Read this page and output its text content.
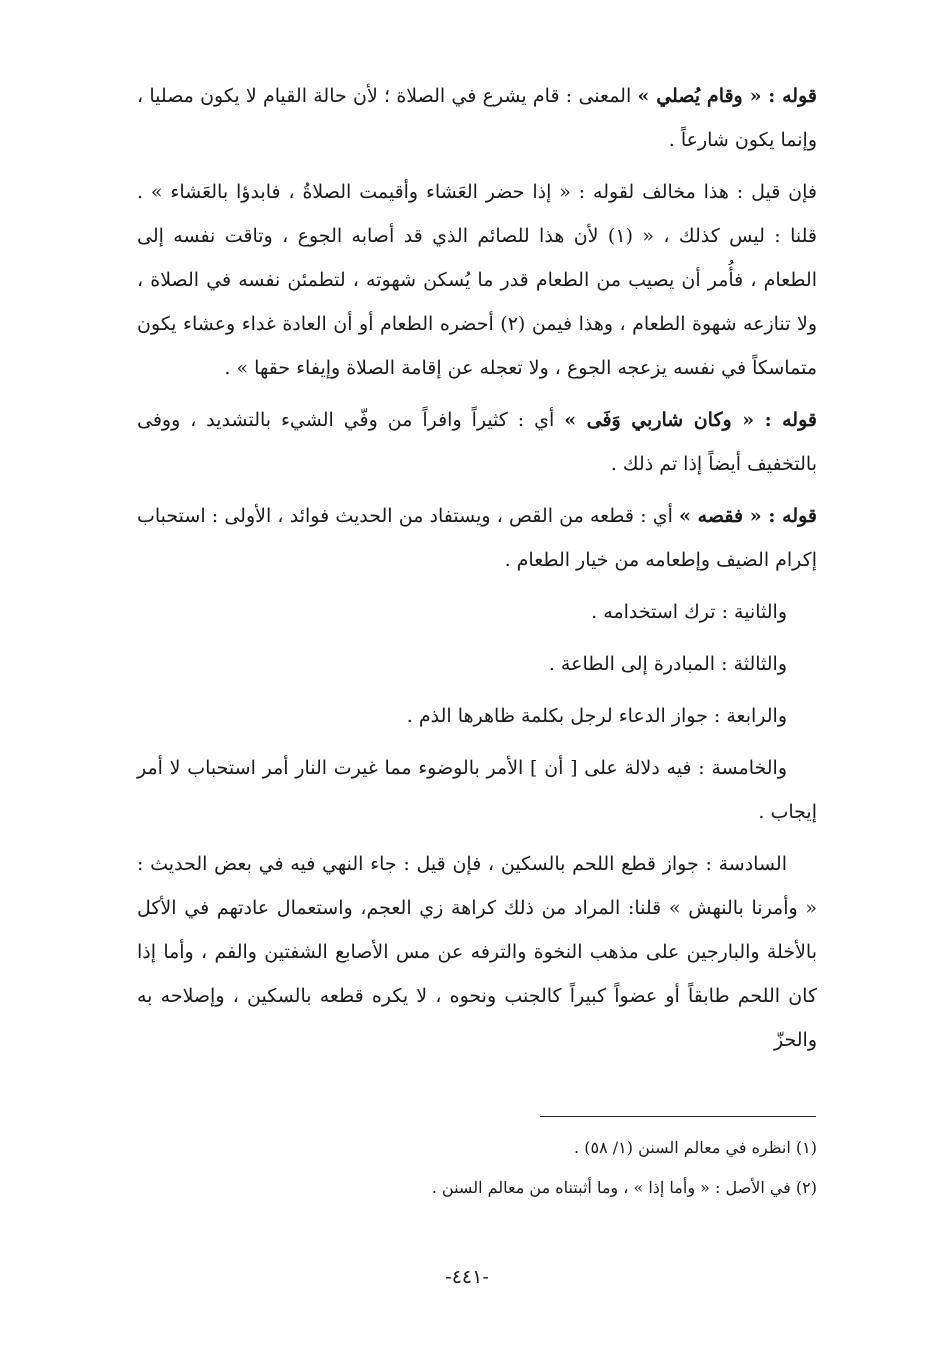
قوله : « وقام يُصلي » المعنى : قام يشرع في الصلاة ؛ لأن حالة القيام لا يكون مصليا ، وإنما يكون شارعاً .

فإن قيل : هذا مخالف لقوله : « إذا حضر العَشاء وأقيمت الصلاةُ ، فابدؤا بالعَشاء » . قلنا : ليس كذلك ، « (١) لأن هذا للصائم الذي قد أصابه الجوع ، وتاقت نفسه إلى الطعام ، فأُمر أن يصيب من الطعام قدر ما يُسكن شهوته ، لتطمئن نفسه في الصلاة ، ولا تنازعه شهوة الطعام ، وهذا فيمن (٢) أحضره الطعام أو أن العادة غداء وعشاء يكون متماسكاً في نفسه يزعجه الجوع ، ولا تعجله عن إقامة الصلاة وإيفاء حقها » .

قوله : « وكان شاربي وَفَى » أي : كثيراً وافراً من وفّي الشيء بالتشديد ، ووفى بالتخفيف أيضاً إذا تم ذلك .

قوله : « فقصه » أي : قطعه من القص ، ويستفاد من الحديث فوائد ، الأولى : استحباب إكرام الضيف وإطعامه من خيار الطعام .

والثانية : ترك استخدامه .

والثالثة : المبادرة إلى الطاعة .

والرابعة : جواز الدعاء لرجل بكلمة ظاهرها الذم .

والخامسة : فيه دلالة على [ أن ] الأمر بالوضوء مما غيرت النار أمر استحباب لا أمر إيجاب .

السادسة : جواز قطع اللحم بالسكين ، فإن قيل : جاء النهي فيه في بعض الحديث : « وأمرنا بالنهش » قلنا: المراد من ذلك كراهة زي العجم، واستعمال عادتهم في الأكل بالأخلة والبارجين على مذهب النخوة والترفه عن مس الأصابع الشفتين والفم ، وأما إذا كان اللحم طابقاً أو عضواً كبيراً كالجنب ونحوه ، لا يكره قطعه بالسكين ، وإصلاحه به والحزّ

(١) انظره في معالم السنن (١/ ٥٨) .

(٢) في الأصل : « وأما إذا » ، وما أثبتناه من معالم السنن .

-٤٤١-
